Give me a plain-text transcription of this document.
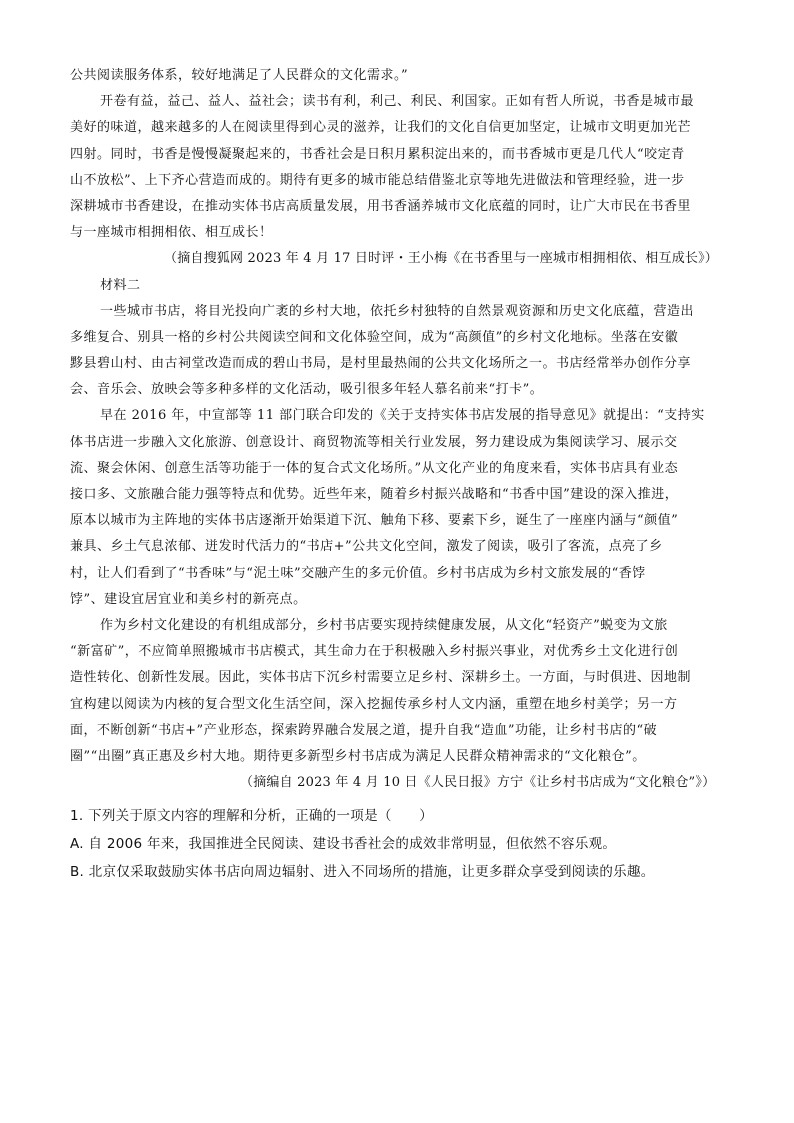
公共阅读服务体系，较好地满足了人民群众的文化需求。”
开卷有益，益己、益人、益社会；读书有利，利己、利民、利国家。正如有哲人所说，书香是城市最
美好的味道，越来越多的人在阅读里得到心灵的滋养，让我们的文化自信更加坚定，让城市文明更加光芒
四射。同时，书香是慢慢凝聚起来的，书香社会是日积月累积淀出来的，而书香城市更是几代人“咬定青
山不放松”、上下齐心营造而成的。期待有更多的城市能总结借鉴北京等地先进做法和管理经验，进一步
深耕城市书香建设，在推动实体书店高质量发展，用书香涵养城市文化底蕴的同时，让广大市民在书香里
与一座城市相拥相依、相互成长！
（摘自搜狐网 2023 年 4 月 17 日时评・王小梅《在书香里与一座城市相拥相依、相互成长》）
材料二
一些城市书店，将目光投向广袤的乡村大地，依托乡村独特的自然景观资源和历史文化底蕴，营造出
多维复合、别具一格的乡村公共阅读空间和文化体验空间，成为“高颜值”的乡村文化地标。坐落在安徽
黟县碧山村、由古祠堂改造而成的碧山书局，是村里最热闹的公共文化场所之一。书店经常举办创作分享
会、音乐会、放映会等多种多样的文化活动，吸引很多年轻人慕名前来“打卡”。
早在 2016 年，中宣部等 11 部门联合印发的《关于支持实体书店发展的指导意见》就提出：“支持实
体书店进一步融入文化旅游、创意设计、商贸物流等相关行业发展，努力建设成为集阅读学习、展示交
流、聚会休闲、创意生活等功能于一体的复合式文化场所。”从文化产业的角度来看，实体书店具有业态
接口多、文旅融合能力强等特点和优势。近些年来，随着乡村振兴战略和“书香中国”建设的深入推进，
原本以城市为主阵地的实体书店逐渐开始渠道下沉、触角下移、要素下乡，诞生了一座座内涵与“颜值”
兼具、乡土气息浓郁、迸发时代活力的“书店+”公共文化空间，激发了阅读，吸引了客流，点亮了乡
村，让人们看到了“书香味”与“泥土味”交融产生的多元价值。乡村书店成为乡村文旅发展的“香饽
饽”、建设宜居宜业和美乡村的新亮点。
作为乡村文化建设的有机组成部分，乡村书店要实现持续健康发展，从文化“轻资产”蜕变为文旅
“新富矿”，不应简单照搬城市书店模式，其生命力在于积极融入乡村振兴事业，对优秀乡土文化进行创
造性转化、创新性发展。因此，实体书店下沉乡村需要立足乡村、深耕乡土。一方面，与时俱进、因地制
宜构建以阅读为内核的复合型文化生活空间，深入挖掘传承乡村人文内涵，重塑在地乡村美学；另一方
面，不断创新“书店+”产业形态，探索跨界融合发展之道，提升自我“造血”功能，让乡村书店的“破
圈”“出圈”真正惠及乡村大地。期待更多新型乡村书店成为满足人民群众精神需求的“文化粮仓”。
（摘编自 2023 年 4 月 10 日《人民日报》方宁《让乡村书店成为“文化粮仓”》）
1. 下列关于原文内容的理解和分析，正确的一项是（　　）
A. 自 2006 年来，我国推进全民阅读、建设书香社会的成效非常明显，但依然不容乐观。
B. 北京仅采取鼓励实体书店向周边辐射、进入不同场所的措施，让更多群众享受到阅读的乐趣。
